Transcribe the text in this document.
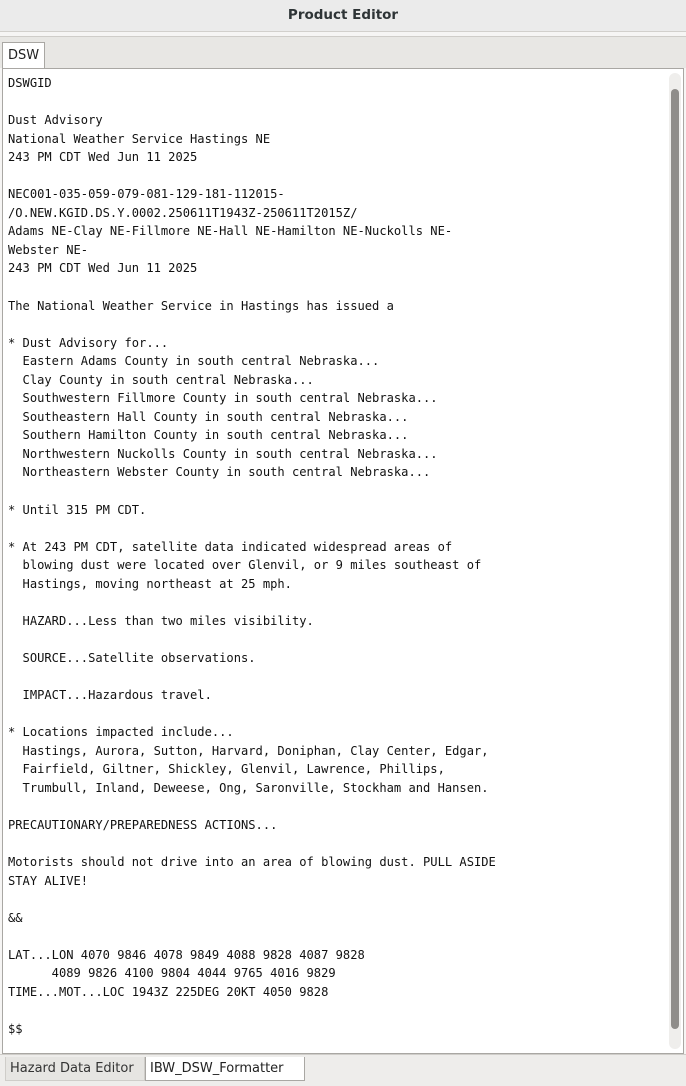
Product Editor
DSW
DSWGID

Dust Advisory
National Weather Service Hastings NE
243 PM CDT Wed Jun 11 2025

NEC001-035-059-079-081-129-181-112015-
/O.NEW.KGID.DS.Y.0002.250611T1943Z-250611T2015Z/
Adams NE-Clay NE-Fillmore NE-Hall NE-Hamilton NE-Nuckolls NE-
Webster NE-
243 PM CDT Wed Jun 11 2025

The National Weather Service in Hastings has issued a

* Dust Advisory for...
Eastern Adams County in south central Nebraska...
Clay County in south central Nebraska...
Southwestern Fillmore County in south central Nebraska...
Southeastern Hall County in south central Nebraska...
Southern Hamilton County in south central Nebraska...
Northwestern Nuckolls County in south central Nebraska...
Northeastern Webster County in south central Nebraska...

* Until 315 PM CDT.

* At 243 PM CDT, satellite data indicated widespread areas of
blowing dust were located over Glenvil, or 9 miles southeast of
Hastings, moving northeast at 25 mph.

HAZARD...Less than two miles visibility.

SOURCE...Satellite observations.

IMPACT...Hazardous travel.

* Locations impacted include...
Hastings, Aurora, Sutton, Harvard, Doniphan, Clay Center, Edgar,
Fairfield, Giltner, Shickley, Glenvil, Lawrence, Phillips,
Trumbull, Inland, Deweese, Ong, Saronville, Stockham and Hansen.

PRECAUTIONARY/PREPAREDNESS ACTIONS...

Motorists should not drive into an area of blowing dust. PULL ASIDE
STAY ALIVE!

&&

LAT...LON 4070 9846 4078 9849 4088 9828 4087 9828
4089 9826 4100 9804 4044 9765 4016 9829
TIME...MOT...LOC 1943Z 225DEG 20KT 4050 9828

$$
Hazard Data Editor	IBW_DSW_Formatter
